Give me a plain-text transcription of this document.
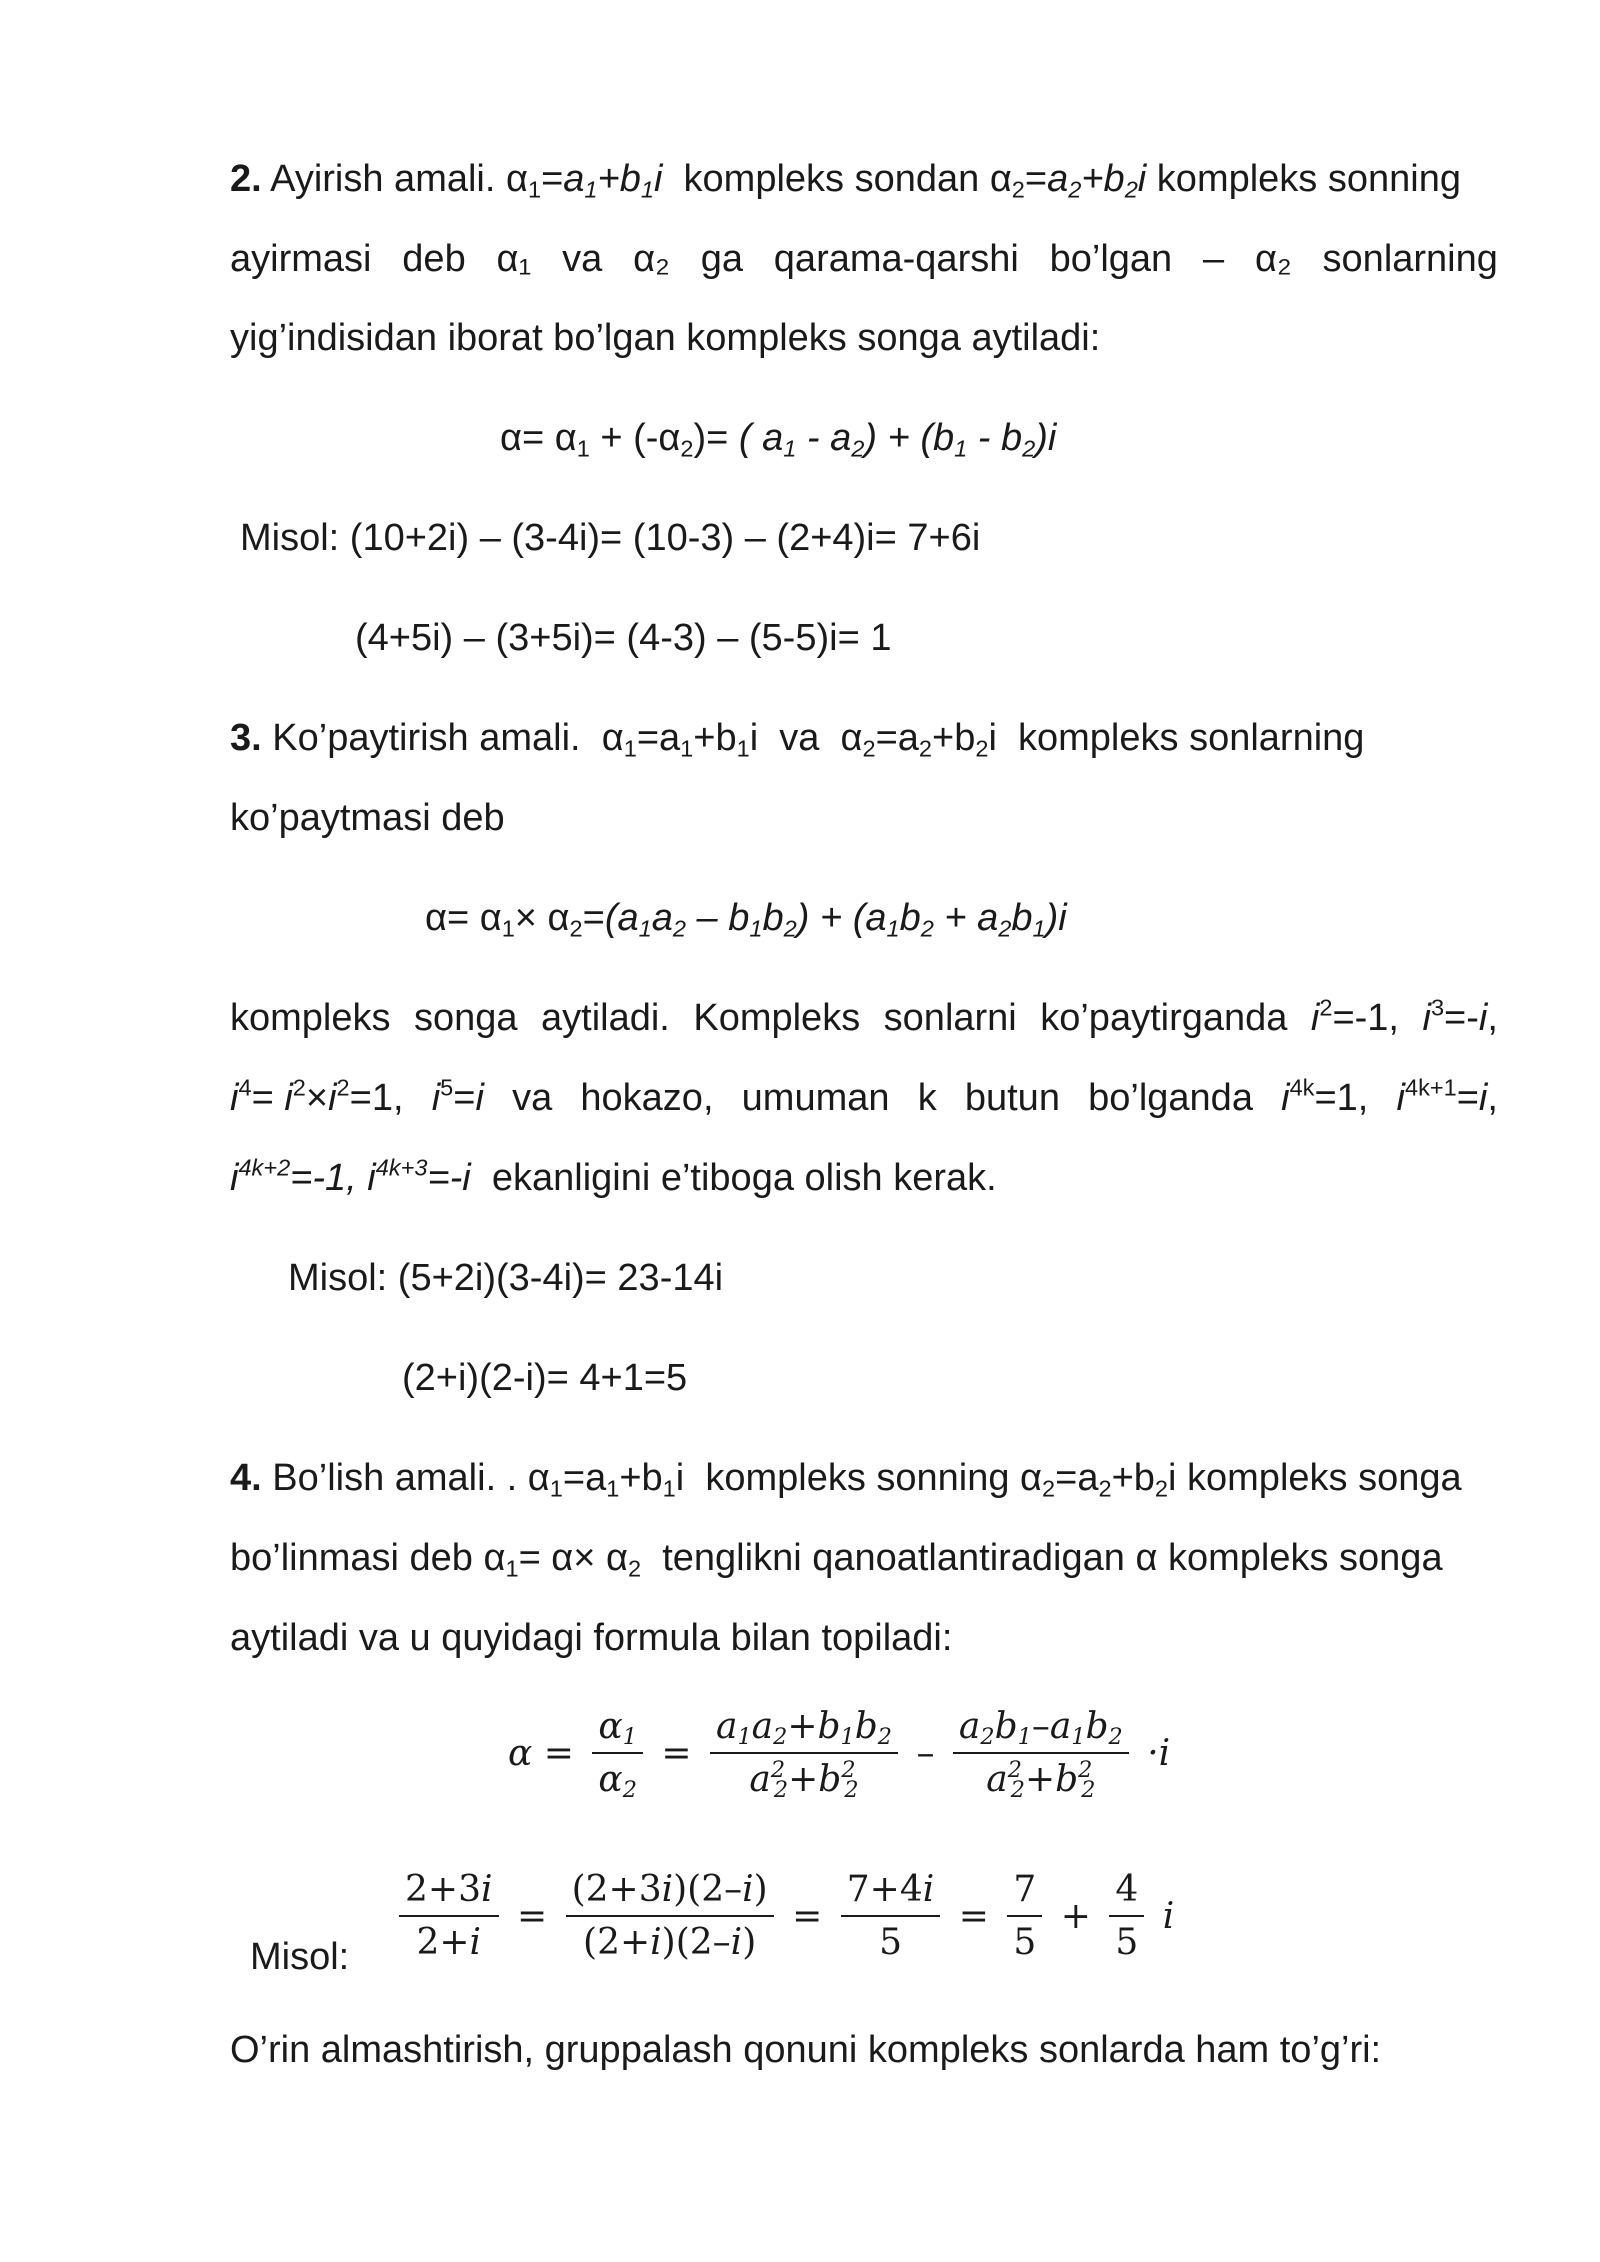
2. Ayirish amali. $\alpha_1=a_1+b_1i$  kompleks sondan $\alpha_2=a_2+b_2i$ kompleks sonning
ayirmasi deb α₁ va α₂ ga qarama-qarshi bo’lgan – α₂ sonlarning
yig’indisidan iborat bo’lgan kompleks songa aytiladi:
$\alpha= \alpha_1 + (-\alpha_2)=$ ( $a_1 - a_2) + (b_1 - b_2)i$
Misol: (10+2i) – (3-4i)= (10-3) – (2+4)i= 7+6i
(4+5i) – (3+5i)= (4-3) – (5-5)i= 1
3. Ko’paytirish amali.  $\alpha_1=a_1+b_1i$  va  $\alpha_2=a_2+b_2i$  kompleks sonlarning
ko’paytmasi deb
$\alpha= \alpha_1\times \alpha_2=(a_1a_2 - b_1b_2) + (a_1b_2 + a_2b_1)i$
kompleks songa aytiladi. Kompleks sonlarni ko’paytirganda $i^2=-1$, $i^3=-i$,
$i^4= i^2\times i^2=1$, $i^5=i$ va hokazo, umuman k butun bo’lganda $i^{4k}=1$, $i^{4k+1}=i$,
$i^{4k+2}=-1$, $i^{4k+3}=-i$  ekanligini e’tiboga olish kerak.
Misol: (5+2i)(3-4i)= 23-14i
(2+i)(2-i)= 4+1=5
4. Bo’lish amali. . $\alpha_1=a_1+b_1i$  kompleks sonning $\alpha_2=a_2+b_2i$ kompleks songa
bo’linmasi deb $\alpha_1= \alpha\times \alpha_2$  tenglikni qanoatlantiradigan α kompleks songa
aytiladi va u quyidagi formula bilan topiladi:
$\alpha = \frac{\alpha_1}{\alpha_2} = \frac{a_1a_2+b_1b_2}{a^2_2+b^2_2} - \frac{a_2b_1-a_1b_2}{a^2_2+b^2_2} \cdot i$
Misol: $\frac{2+3i}{2+i} = \frac{(2+3i)(2-i)}{(2+i)(2-i)} = \frac{7+4i}{5} = \frac{7}{5} + \frac{4}{5}$ i
O’rin almashtirish, gruppalash qonuni kompleks sonlarda ham to’g’ri:
